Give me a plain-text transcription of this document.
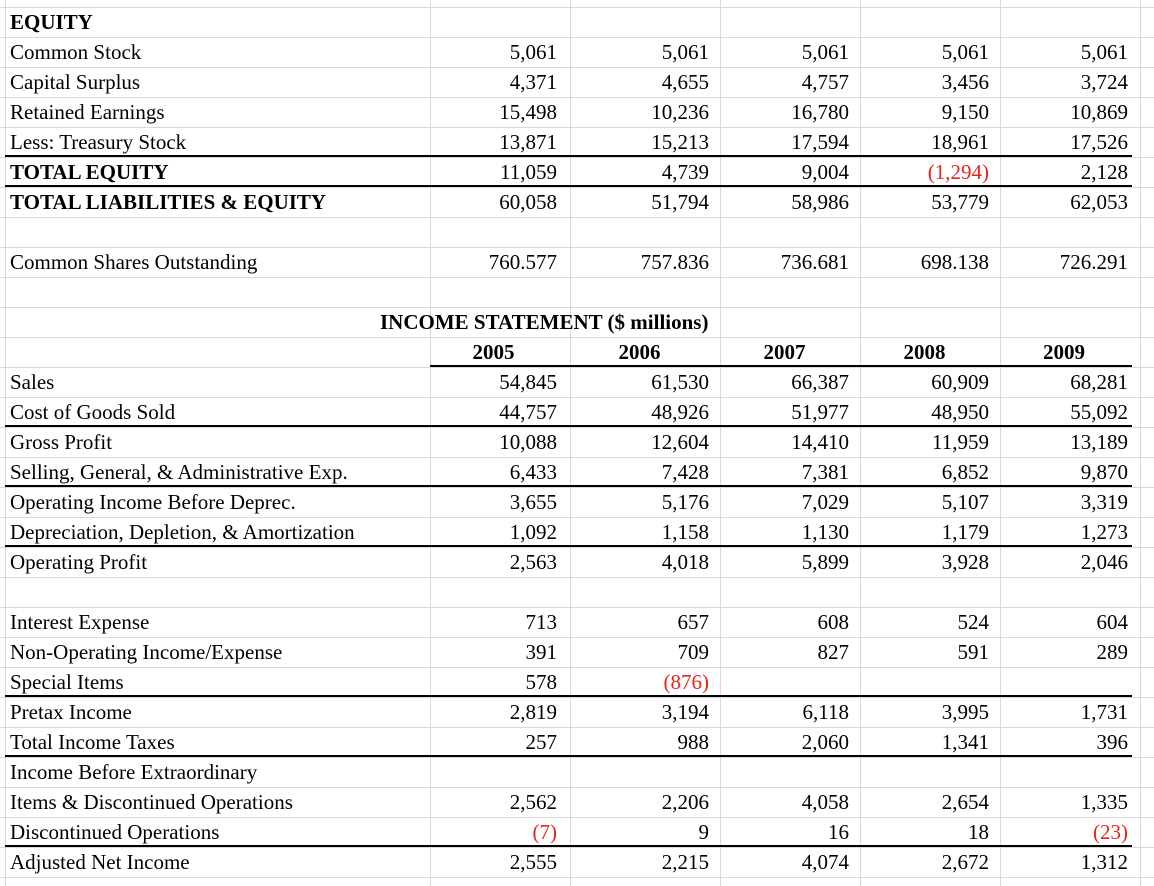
EQUITY
Common Stock	5,061	5,061	5,061	5,061	5,061
Capital Surplus	4,371	4,655	4,757	3,456	3,724
Retained Earnings	15,498	10,236	16,780	9,150	10,869
Less: Treasury Stock	13,871	15,213	17,594	18,961	17,526
TOTAL EQUITY	11,059	4,739	9,004	(1,294)	2,128
TOTAL LIABILITIES & EQUITY	60,058	51,794	58,986	53,779	62,053
Common Shares Outstanding	760.577	757.836	736.681	698.138	726.291
INCOME STATEMENT ($ millions)
2005	2006	2007	2008	2009
Sales	54,845	61,530	66,387	60,909	68,281
Cost of Goods Sold	44,757	48,926	51,977	48,950	55,092
Gross Profit	10,088	12,604	14,410	11,959	13,189
Selling, General, & Administrative Exp.	6,433	7,428	7,381	6,852	9,870
Operating Income Before Deprec.	3,655	5,176	7,029	5,107	3,319
Depreciation, Depletion, & Amortization	1,092	1,158	1,130	1,179	1,273
Operating Profit	2,563	4,018	5,899	3,928	2,046
Interest Expense	713	657	608	524	604
Non-Operating Income/Expense	391	709	827	591	289
Special Items	578	(876)
Pretax Income	2,819	3,194	6,118	3,995	1,731
Total Income Taxes	257	988	2,060	1,341	396
Income Before Extraordinary
Items & Discontinued Operations	2,562	2,206	4,058	2,654	1,335
Discontinued Operations	(7)	9	16	18	(23)
Adjusted Net Income	2,555	2,215	4,074	2,672	1,312
